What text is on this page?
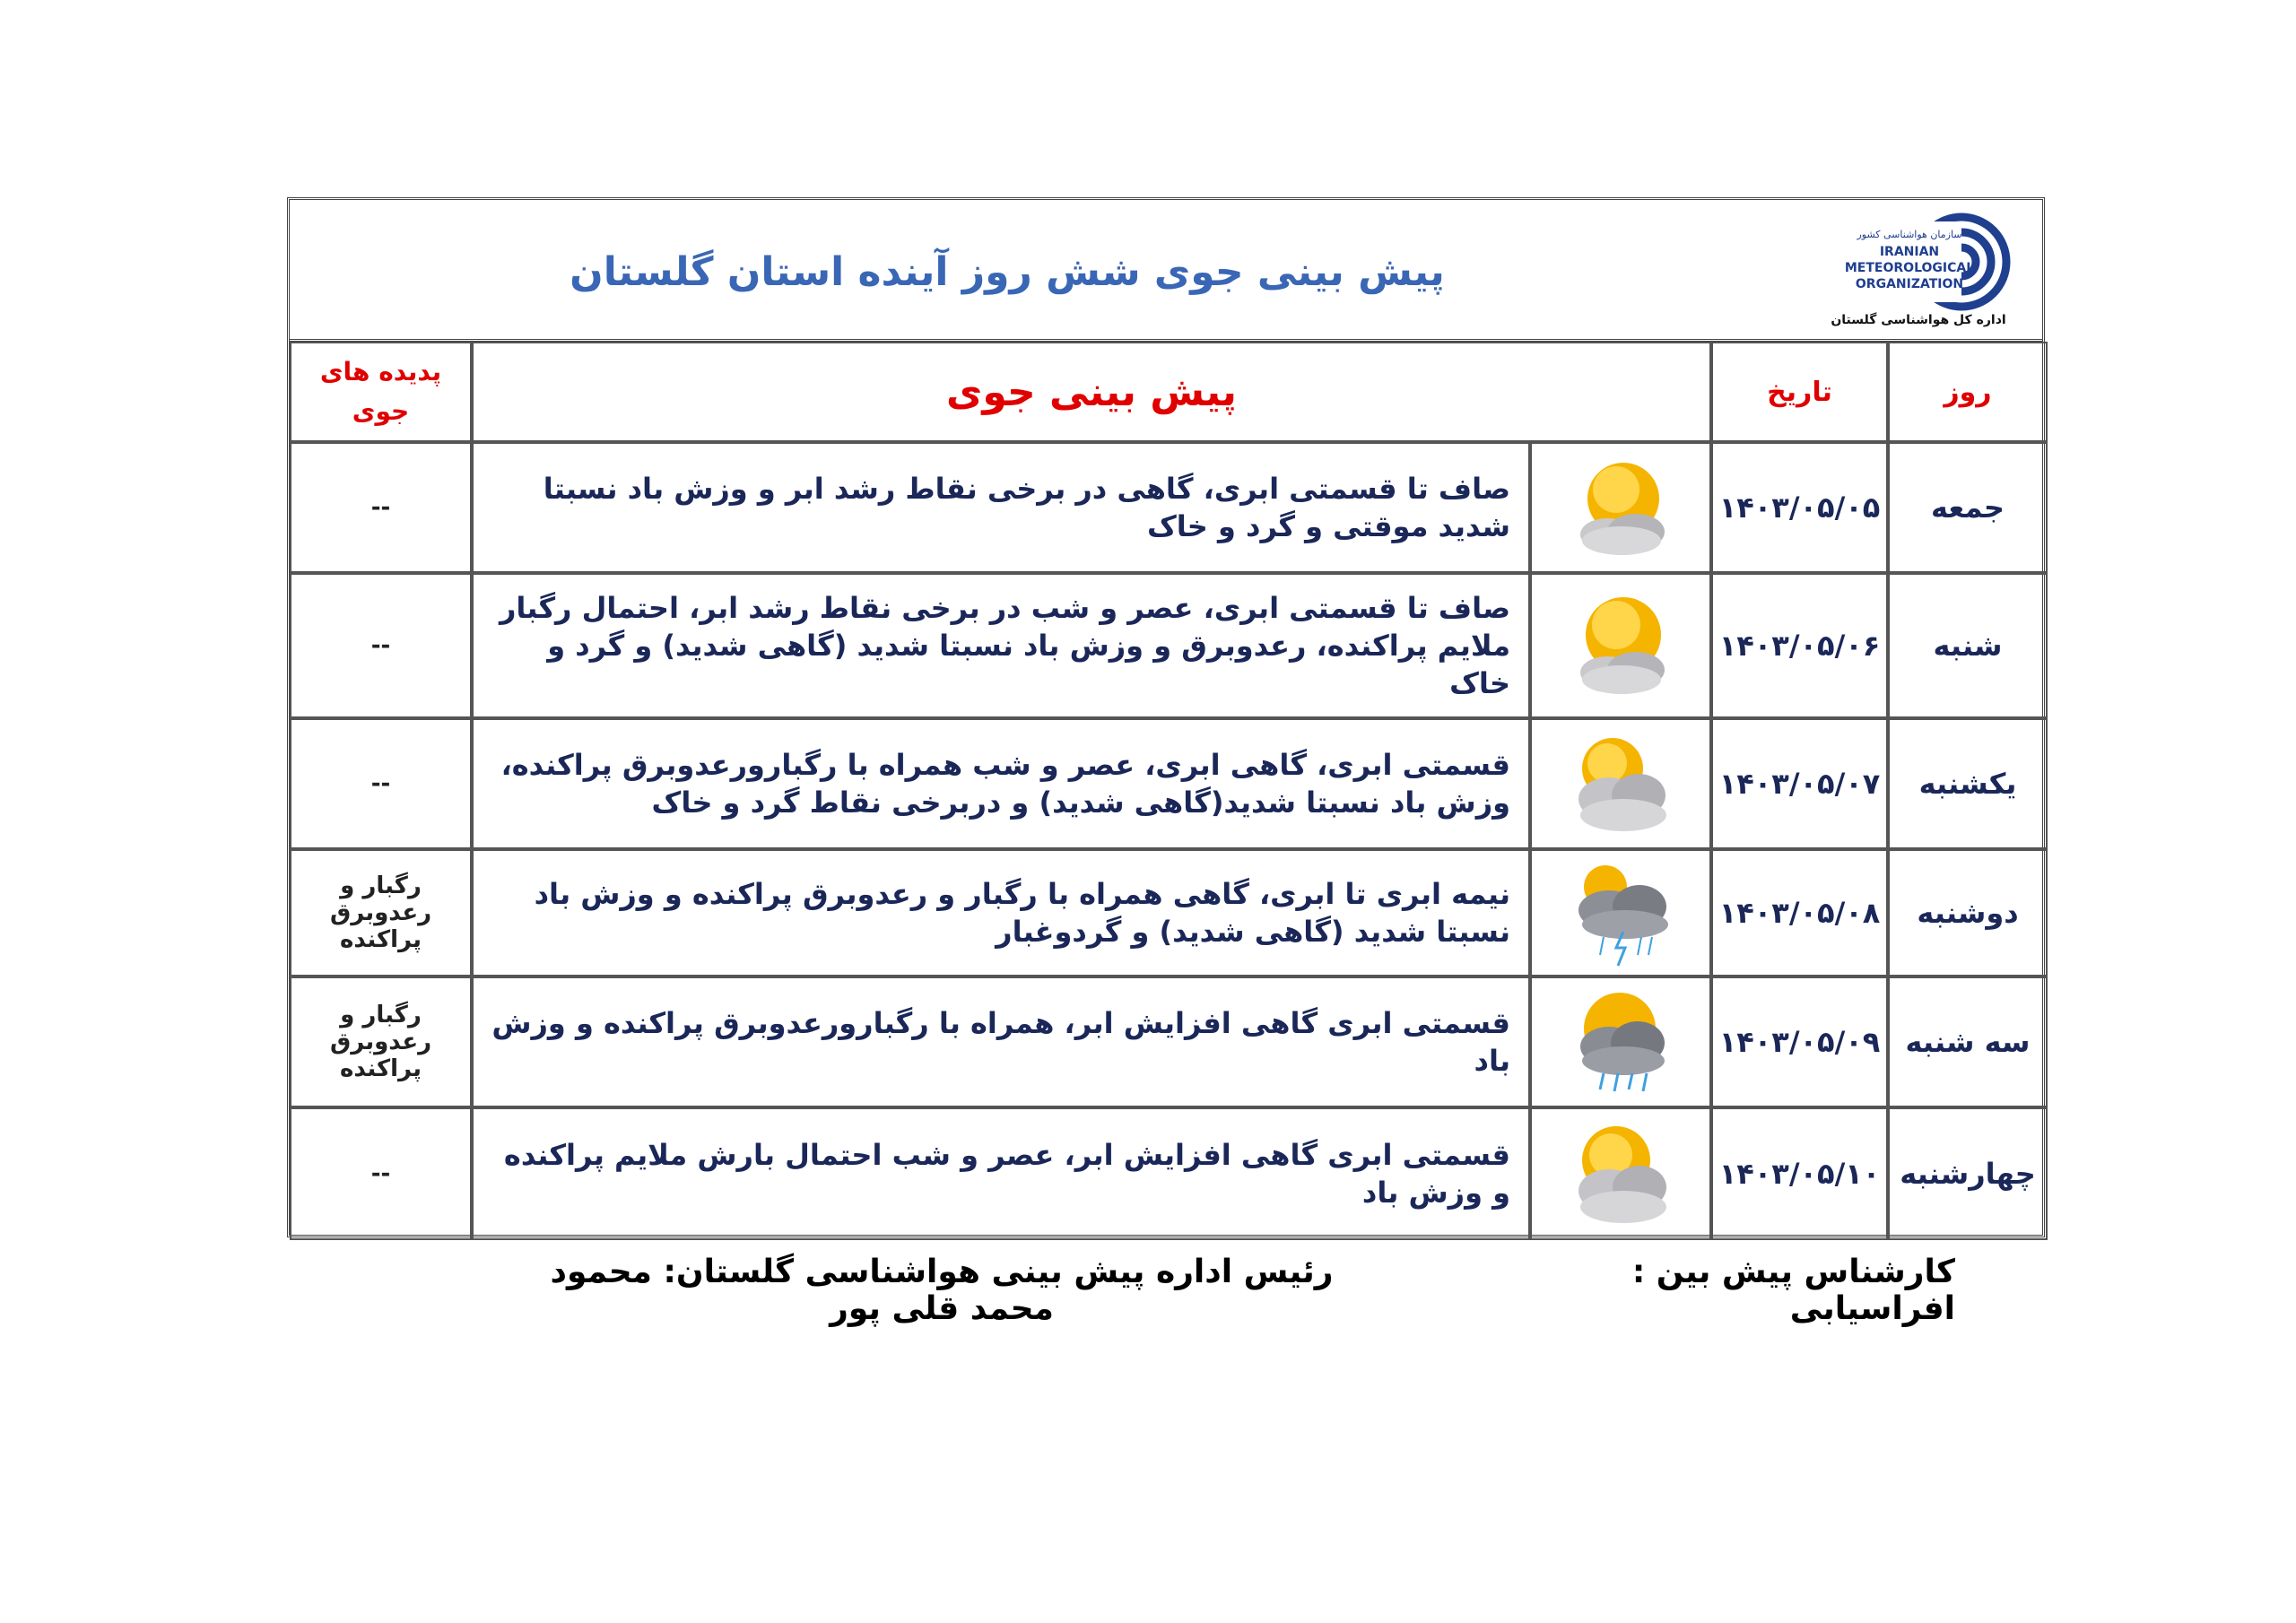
پیش بینی جوی شش روز آینده استان گلستان
سازمان هواشناسی کشور
IRANIAN
METEOROLOGICAL
ORGANIZATION
اداره کل هواشناسی گلستان
پدیده های جوی	پیش بینی جوی		تاریخ	روز
--	صاف تا قسمتی ابری، گاهی در برخی نقاط رشد ابر و وزش باد نسبتا شدید موقتی و گرد و خاک		۱۴۰۳/۰۵/۰۵	جمعه
--	صاف تا قسمتی ابری، عصر و شب در برخی نقاط رشد ابر، احتمال رگبار ملایم پراکنده، رعدوبرق و وزش باد نسبتا شدید (گاهی شدید) و گرد و خاک		۱۴۰۳/۰۵/۰۶	شنبه
--	قسمتی ابری، گاهی ابری، عصر و شب همراه با رگبارورعدوبرق پراکنده، وزش باد نسبتا شدید(گاهی شدید) و دربرخی نقاط گرد و خاک		۱۴۰۳/۰۵/۰۷	یکشنبه
رگبار و رعدوبرق پراکنده	نیمه ابری تا ابری، گاهی همراه با رگبار و رعدوبرق پراکنده و وزش باد نسبتا شدید (گاهی شدید) و گردوغبار		۱۴۰۳/۰۵/۰۸	دوشنبه
رگبار و رعدوبرق پراکنده	قسمتی ابری گاهی افزایش ابر، همراه با رگبارورعدوبرق پراکنده و وزش باد		۱۴۰۳/۰۵/۰۹	سه شنبه
--	قسمتی ابری گاهی افزایش ابر، عصر و شب احتمال بارش ملایم پراکنده و وزش باد		۱۴۰۳/۰۵/۱۰	چهارشنبه
رئیس اداره پیش بینی هواشناسی گلستان: محمود محمد قلی پور
کارشناس پیش بین : افراسیابی
